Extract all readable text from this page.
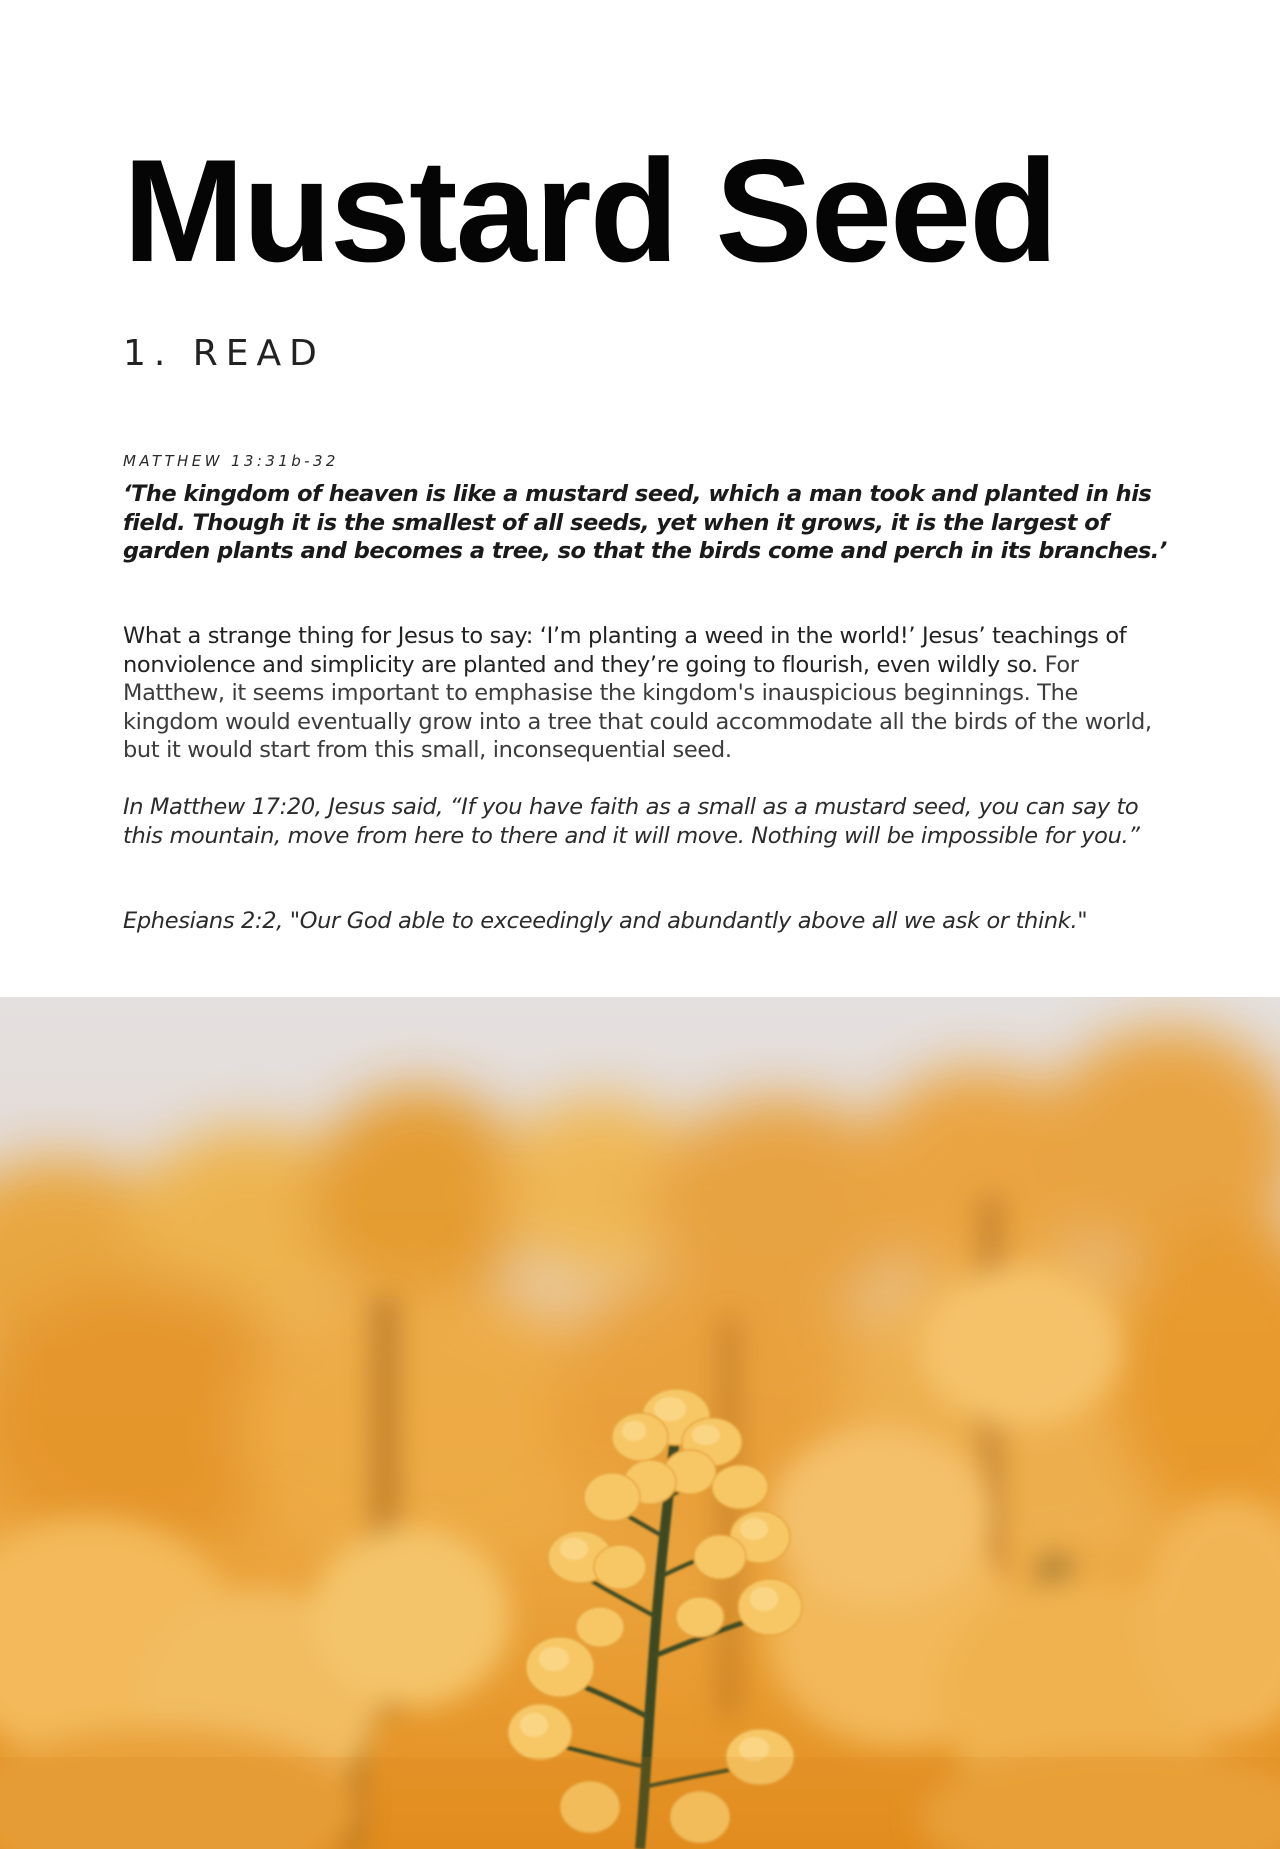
Mustard Seed
1. READ
MATTHEW 13:31b-32

‘The kingdom of heaven is like a mustard seed, which a man took and planted in his field. Though it is the smallest of all seeds, yet when it grows, it is the largest of garden plants and becomes a tree, so that the birds come and perch in its branches.’

What a strange thing for Jesus to say: ‘I’m planting a weed in the world!’ Jesus’ teachings of nonviolence and simplicity are planted and they’re going to flourish, even wildly so. For Matthew, it seems important to emphasise the kingdom's inauspicious beginnings. The kingdom would eventually grow into a tree that could accommodate all the birds of the world, but it would start from this small, inconsequential seed.

In Matthew 17:20, Jesus said, “If you have faith as a small as a mustard seed, you can say to this mountain, move from here to there and it will move. Nothing will be impossible for you.”

Ephesians 2:2, "Our God able to exceedingly and abundantly above all we ask or think."
